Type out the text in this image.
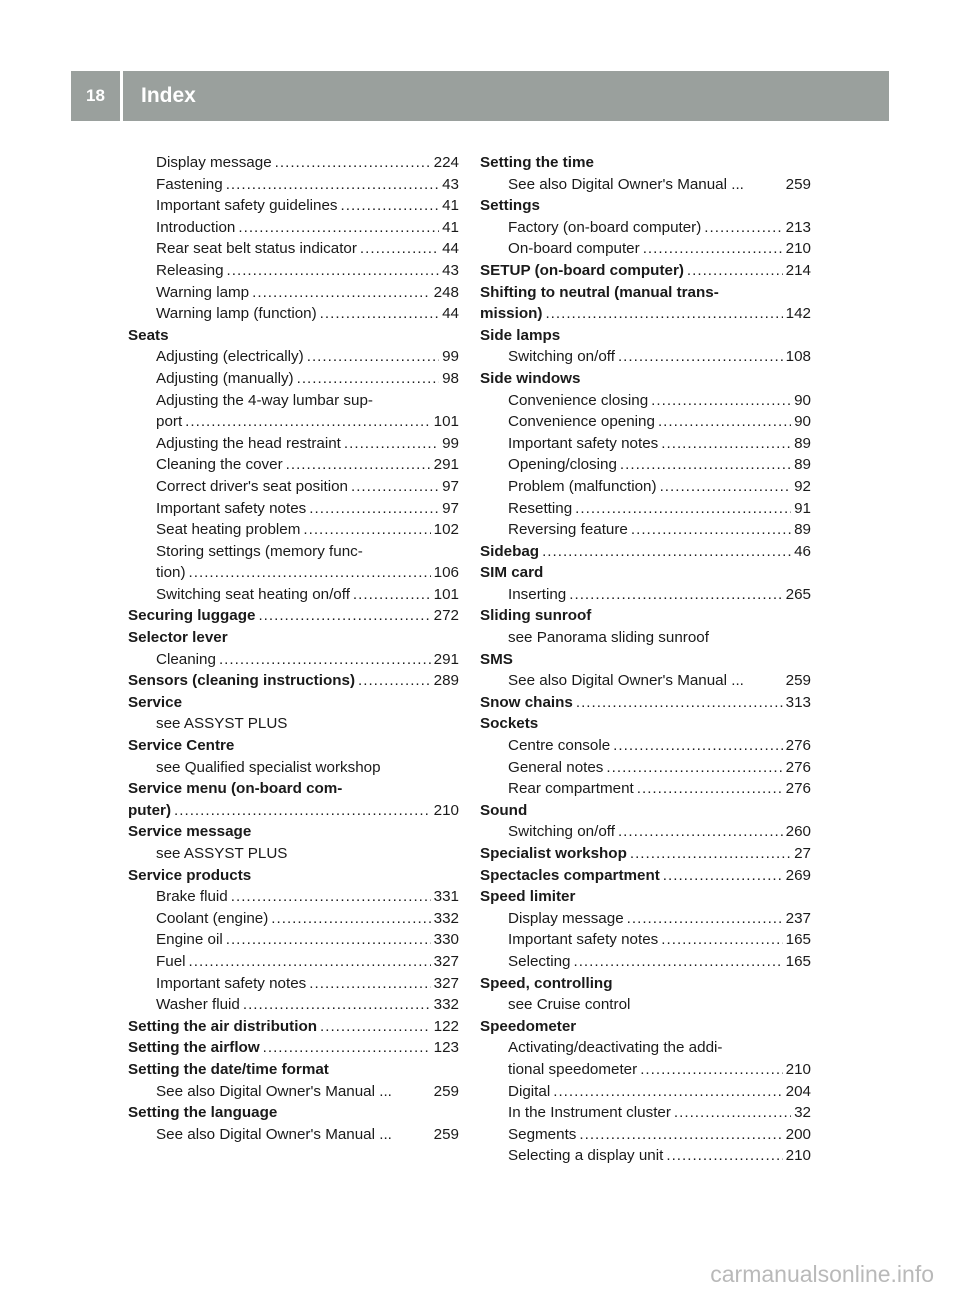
18	Index
Display message .....	224
Fastening .....	43
Important safety guidelines .....	41
Introduction .....	41
Rear seat belt status indicator .....	44
Releasing .....	43
Warning lamp .....	248
Warning lamp (function) .....	44
Seats
Adjusting (electrically) .....	99
Adjusting (manually) .....	98
Adjusting the 4-way lumbar sup-
port .....	101
Adjusting the head restraint .....	99
Cleaning the cover .....	291
Correct driver's seat position .....	97
Important safety notes .....	97
Seat heating problem .....	102
Storing settings (memory func-
tion) .....	106
Switching seat heating on/off .....	101
Securing luggage .....	272
Selector lever
Cleaning .....	291
Sensors (cleaning instructions) .....	289
Service
see ASSYST PLUS
Service Centre
see Qualified specialist workshop
Service menu (on-board com-
puter) .....	210
Service message
see ASSYST PLUS
Service products
Brake fluid .....	331
Coolant (engine) .....	332
Engine oil .....	330
Fuel .....	327
Important safety notes .....	327
Washer fluid .....	332
Setting the air distribution .....	122
Setting the airflow .....	123
Setting the date/time format
See also Digital Owner's Manual ...	259
Setting the language
See also Digital Owner's Manual ...	259
Setting the time
See also Digital Owner's Manual ...	259
Settings
Factory (on-board computer) .....	213
On-board computer .....	210
SETUP (on-board computer) .....	214
Shifting to neutral (manual trans-
mission) .....	142
Side lamps
Switching on/off .....	108
Side windows
Convenience closing .....	90
Convenience opening .....	90
Important safety notes .....	89
Opening/closing .....	89
Problem (malfunction) .....	92
Resetting .....	91
Reversing feature .....	89
Sidebag .....	46
SIM card
Inserting .....	265
Sliding sunroof
see Panorama sliding sunroof
SMS
See also Digital Owner's Manual ...	259
Snow chains .....	313
Sockets
Centre console .....	276
General notes .....	276
Rear compartment .....	276
Sound
Switching on/off .....	260
Specialist workshop .....	27
Spectacles compartment .....	269
Speed limiter
Display message .....	237
Important safety notes .....	165
Selecting .....	165
Speed, controlling
see Cruise control
Speedometer
Activating/deactivating the addi-
tional speedometer .....	210
Digital .....	204
In the Instrument cluster .....	32
Segments .....	200
Selecting a display unit .....	210
carmanualsonline.info
